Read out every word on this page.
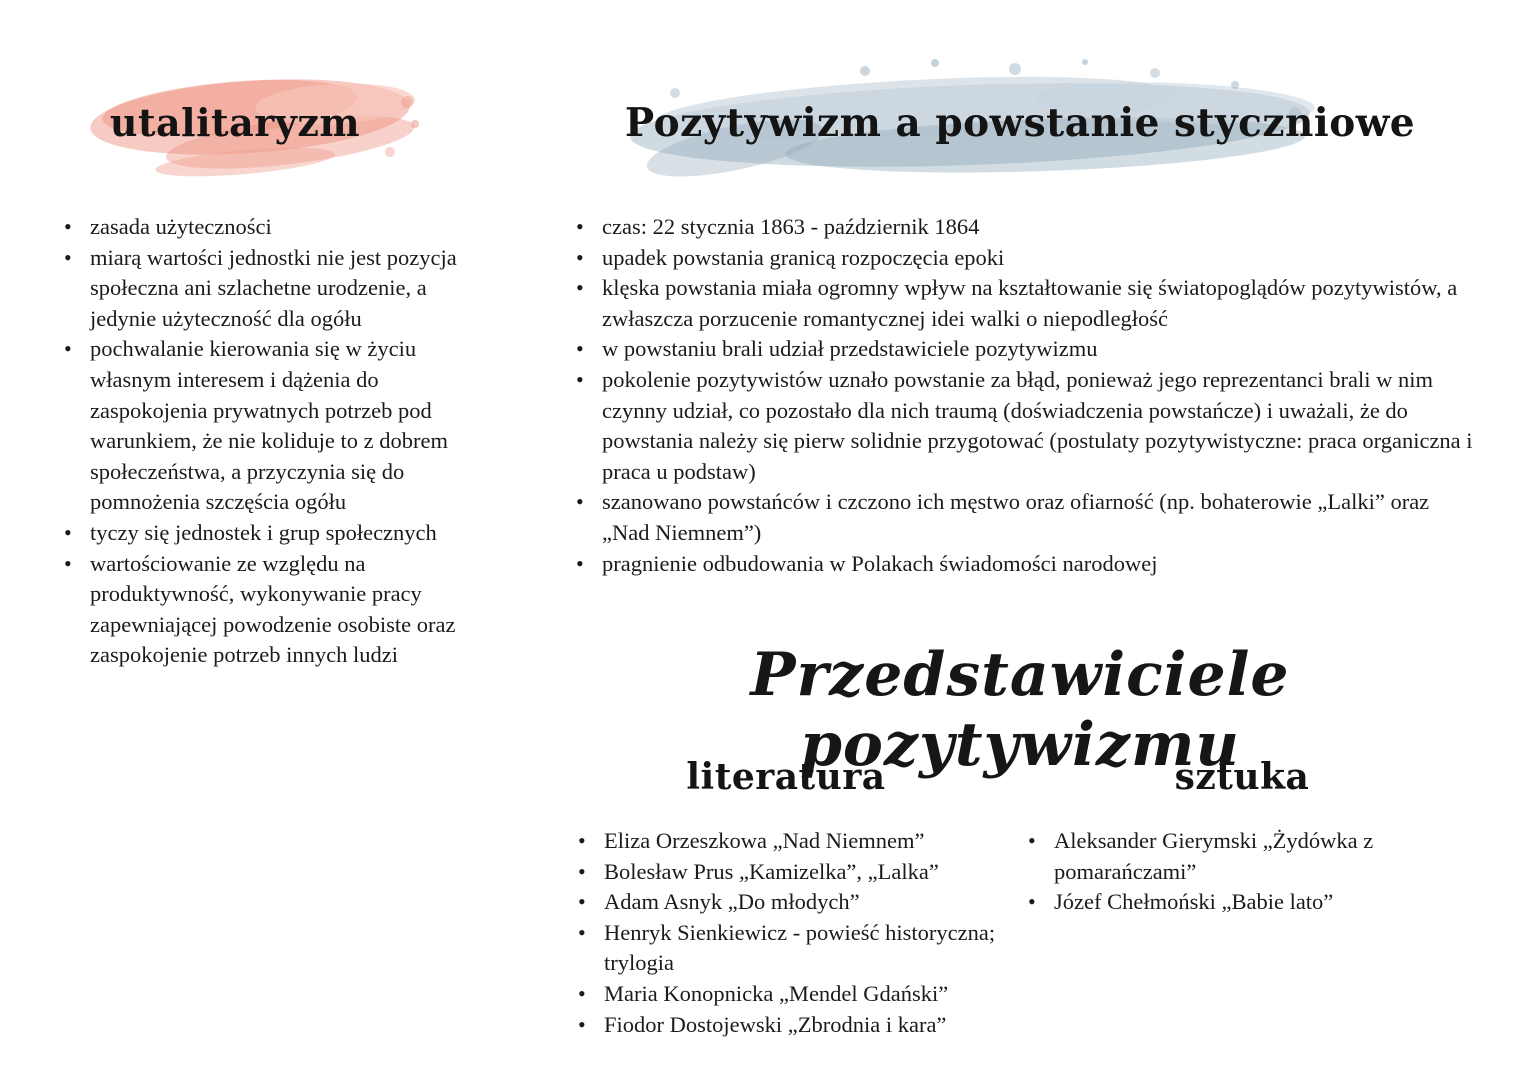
utalitaryzm
• zasada użyteczności
• miarą wartości jednostki nie jest pozycja społeczna ani szlachetne urodzenie, a jedynie użyteczność dla ogółu
• pochwalanie kierowania się w życiu własnym interesem i dążenia do zaspokojenia prywatnych potrzeb pod warunkiem, że nie koliduje to z dobrem społeczeństwa, a przyczynia się do pomnożenia szczęścia ogółu
• tyczy się jednostek i grup społecznych
• wartościowanie ze względu na produktywność, wykonywanie pracy zapewniającej powodzenie osobiste oraz zaspokojenie potrzeb innych ludzi
Pozytywizm a powstanie styczniowe
• czas: 22 stycznia 1863 - październik 1864
• upadek powstania granicą rozpoczęcia epoki
• klęska powstania miała ogromny wpływ na kształtowanie się światopoglądów pozytywistów, a zwłaszcza porzucenie romantycznej idei walki o niepodległość
• w powstaniu brali udział przedstawiciele pozytywizmu
• pokolenie pozytywistów uznało powstanie za błąd, ponieważ jego reprezentanci brali w nim czynny udział, co pozostało dla nich traumą (doświadczenia powstańcze) i uważali, że do powstania należy się pierw solidnie przygotować (postulaty pozytywistyczne: praca organiczna i praca u podstaw)
• szanowano powstańców i czczono ich męstwo oraz ofiarność (np. bohaterowie „Lalki” oraz „Nad Niemnem”)
• pragnienie odbudowania w Polakach świadomości narodowej
Przedstawiciele pozytywizmu
literatura	sztuka
• Eliza Orzeszkowa „Nad Niemnem”
• Bolesław Prus „Kamizelka”, „Lalka”
• Adam Asnyk „Do młodych”
• Henryk Sienkiewicz - powieść historyczna; trylogia
• Maria Konopnicka „Mendel Gdański”
• Fiodor Dostojewski „Zbrodnia i kara”
• Aleksander Gierymski „Żydówka z pomarańczami”
• Józef Chełmoński „Babie lato”
